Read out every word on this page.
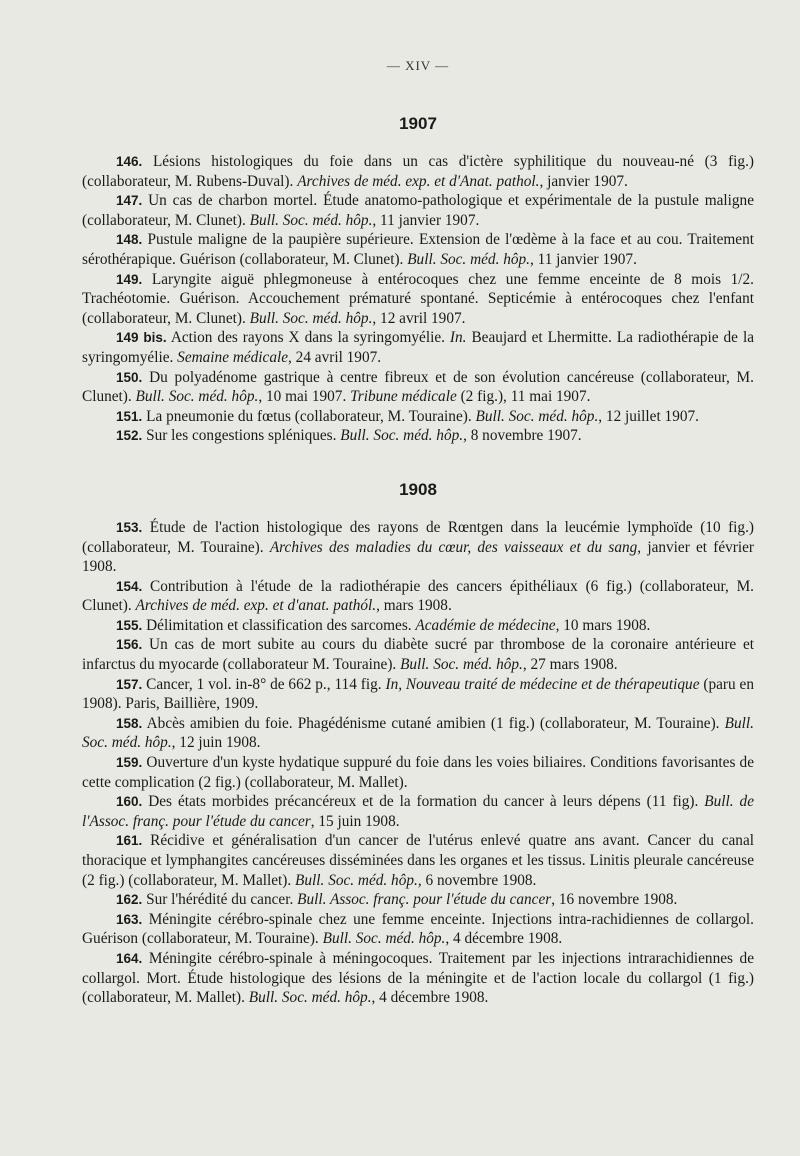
— XIV —
1907

146. Lésions histologiques du foie dans un cas d'ictère syphilitique du nouveau-né (3 fig.) (collaborateur, M. Rubens-Duval). Archives de méd. exp. et d'Anat. pathol., janvier 1907.

147. Un cas de charbon mortel. Étude anatomo-pathologique et expérimentale de la pustule maligne (collaborateur, M. Clunet). Bull. Soc. méd. hôp., 11 janvier 1907.

148. Pustule maligne de la paupière supérieure. Extension de l'œdème à la face et au cou. Traitement sérothérapique. Guérison (collaborateur, M. Clunet). Bull. Soc. méd. hôp., 11 janvier 1907.

149. Laryngite aiguë phlegmoneuse à entérocoques chez une femme enceinte de 8 mois 1/2. Trachéotomie. Guérison. Accouchement prématuré spontané. Septicémie à entérocoques chez l'enfant (collaborateur, M. Clunet). Bull. Soc. méd. hôp., 12 avril 1907.

149 bis. Action des rayons X dans la syringomyélie. In. Beaujard et Lhermitte. La radiothérapie de la syringomyélie. Semaine médicale, 24 avril 1907.

150. Du polyadénome gastrique à centre fibreux et de son évolution cancéreuse (collaborateur, M. Clunet). Bull. Soc. méd. hôp., 10 mai 1907. Tribune médicale (2 fig.), 11 mai 1907.

151. La pneumonie du fœtus (collaborateur, M. Touraine). Bull. Soc. méd. hôp., 12 juillet 1907.

152. Sur les congestions spléniques. Bull. Soc. méd. hôp., 8 novembre 1907.

1908

153. Étude de l'action histologique des rayons de Rœntgen dans la leucémie lymphoïde (10 fig.) (collaborateur, M. Touraine). Archives des maladies du cœur, des vaisseaux et du sang, janvier et février 1908.

154. Contribution à l'étude de la radiothérapie des cancers épithéliaux (6 fig.) (collaborateur, M. Clunet). Archives de méd. exp. et d'anat. pathól., mars 1908.

155. Délimitation et classification des sarcomes. Académie de médecine, 10 mars 1908.

156. Un cas de mort subite au cours du diabète sucré par thrombose de la coronaire antérieure et infarctus du myocarde (collaborateur M. Touraine). Bull. Soc. méd. hôp., 27 mars 1908.

157. Cancer, 1 vol. in-8° de 662 p., 114 fig. In, Nouveau traité de médecine et de thérapeutique (paru en 1908). Paris, Baillière, 1909.

158. Abcès amibien du foie. Phagédénisme cutané amibien (1 fig.) (collaborateur, M. Touraine). Bull. Soc. méd. hôp., 12 juin 1908.

159. Ouverture d'un kyste hydatique suppuré du foie dans les voies biliaires. Conditions favorisantes de cette complication (2 fig.) (collaborateur, M. Mallet).

160. Des états morbides précancéreux et de la formation du cancer à leurs dépens (11 fig). Bull. de l'Assoc. franç. pour l'étude du cancer, 15 juin 1908.

161. Récidive et généralisation d'un cancer de l'utérus enlevé quatre ans avant. Cancer du canal thoracique et lymphangites cancéreuses disséminées dans les organes et les tissus. Linitis pleurale cancéreuse (2 fig.) (collaborateur, M. Mallet). Bull. Soc. méd. hôp., 6 novembre 1908.

162. Sur l'hérédité du cancer. Bull. Assoc. franç. pour l'étude du cancer, 16 novembre 1908.

163. Méningite cérébro-spinale chez une femme enceinte. Injections intra-rachidiennes de collargol. Guérison (collaborateur, M. Touraine). Bull. Soc. méd. hôp., 4 décembre 1908.

164. Méningite cérébro-spinale à méningocoques. Traitement par les injections intrarachidiennes de collargol. Mort. Étude histologique des lésions de la méningite et de l'action locale du collargol (1 fig.) (collaborateur, M. Mallet). Bull. Soc. méd. hôp., 4 décembre 1908.
